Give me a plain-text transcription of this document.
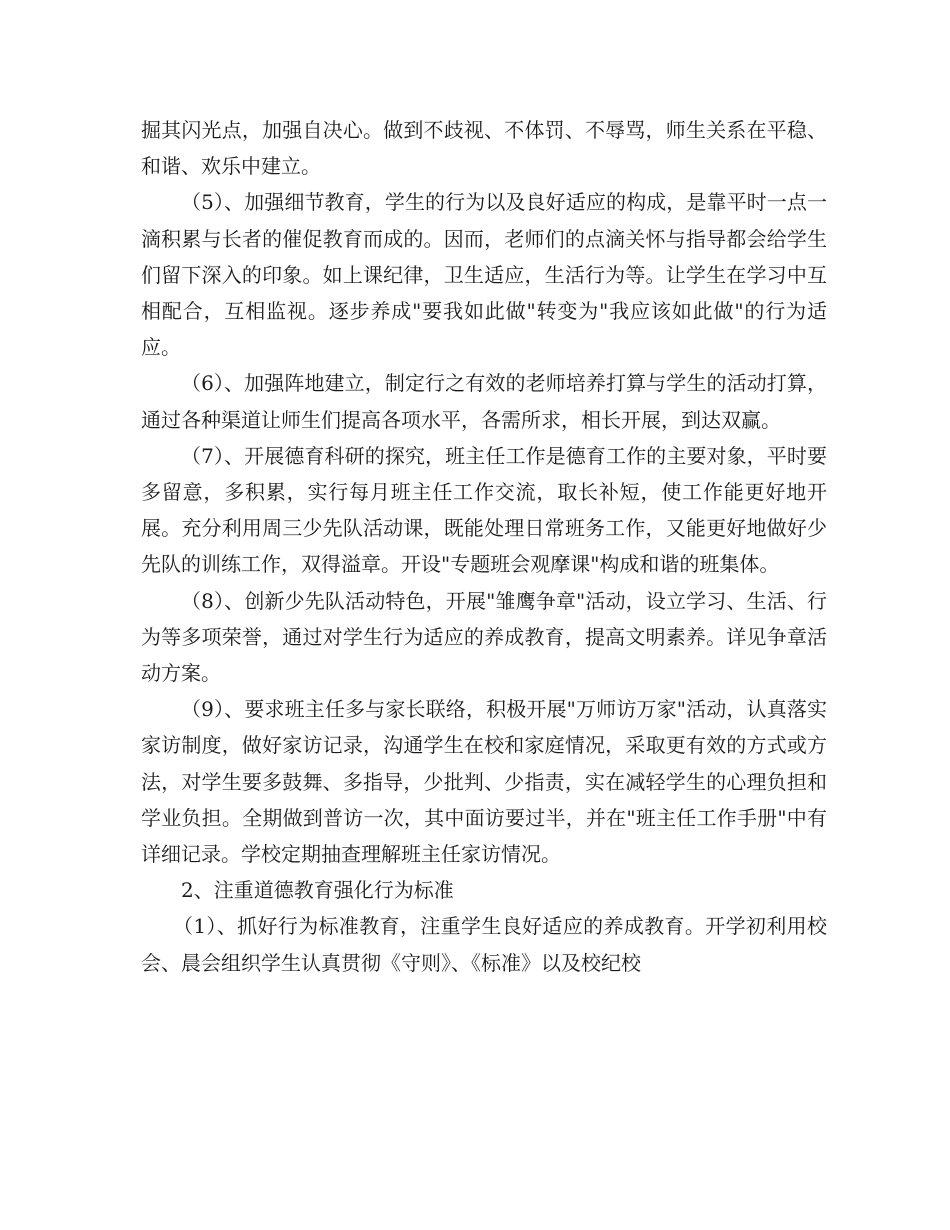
掘其闪光点，加强自决心。做到不歧视、不体罚、不辱骂，师生关系在平稳、和谐、欢乐中建立。

（5）、加强细节教育，学生的行为以及良好适应的构成，是靠平时一点一滴积累与长者的催促教育而成的。因而，老师们的点滴关怀与指导都会给学生们留下深入的印象。如上课纪律，卫生适应，生活行为等。让学生在学习中互相配合，互相监视。逐步养成"要我如此做"转变为"我应该如此做"的行为适应。

（6）、加强阵地建立，制定行之有效的老师培养打算与学生的活动打算，通过各种渠道让师生们提高各项水平，各需所求，相长开展，到达双赢。

（7）、开展德育科研的探究，班主任工作是德育工作的主要对象，平时要多留意，多积累，实行每月班主任工作交流，取长补短，使工作能更好地开展。充分利用周三少先队活动课，既能处理日常班务工作，又能更好地做好少先队的训练工作，双得溢章。开设"专题班会观摩课"构成和谐的班集体。

（8）、创新少先队活动特色，开展"雏鹰争章"活动，设立学习、生活、行为等多项荣誉，通过对学生行为适应的养成教育，提高文明素养。详见争章活动方案。

（9）、要求班主任多与家长联络，积极开展"万师访万家"活动，认真落实家访制度，做好家访记录，沟通学生在校和家庭情况，采取更有效的方式或方法，对学生要多鼓舞、多指导，少批判、少指责，实在减轻学生的心理负担和学业负担。全期做到普访一次，其中面访要过半，并在"班主任工作手册"中有详细记录。学校定期抽查理解班主任家访情况。

2、注重道德教育强化行为标准

（1）、抓好行为标准教育，注重学生良好适应的养成教育。开学初利用校会、晨会组织学生认真贯彻《守则》、《标准》以及校纪校
